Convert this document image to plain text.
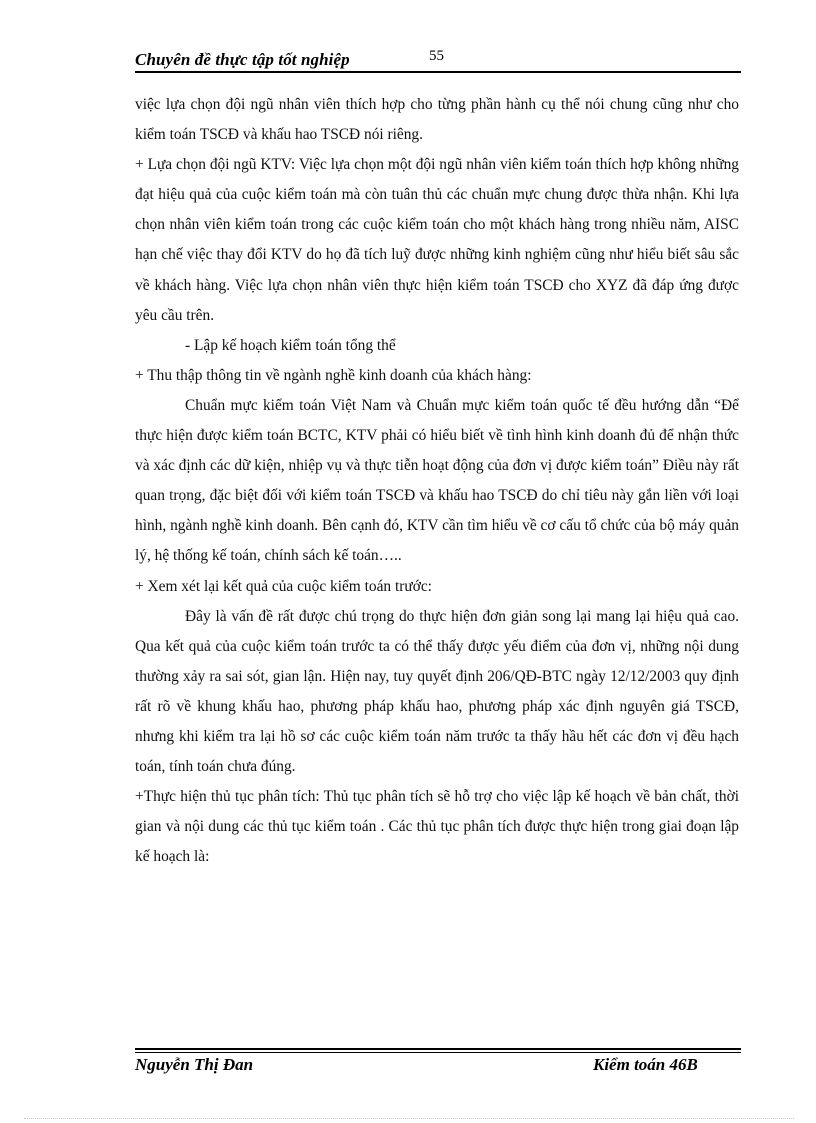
Chuyên đề thực tập tốt nghiệp	55

việc lựa chọn đội ngũ nhân viên thích hợp cho từng phần hành cụ thể nói chung cũng như cho kiểm toán TSCĐ và khấu hao TSCĐ nói riêng.

+ Lựa chọn đội ngũ KTV: Việc lựa chọn một đội ngũ nhân viên kiểm toán thích hợp không những đạt hiệu quả của cuộc kiểm toán mà còn tuân thủ các chuẩn mực chung được thừa nhận. Khi lựa chọn nhân viên kiểm toán trong các cuộc kiểm toán cho một khách hàng trong nhiều năm, AISC hạn chế việc thay đổi KTV do họ đã tích luỹ được những kinh nghiệm cũng như hiểu biết sâu sắc về khách hàng. Việc lựa chọn nhân viên thực hiện kiểm toán TSCĐ cho XYZ đã đáp ứng được yêu cầu trên.

- Lập kế hoạch kiểm toán tổng thể

+ Thu thập thông tin về ngành nghề kinh doanh của khách hàng:

Chuẩn mực kiểm toán Việt Nam và Chuẩn mực kiểm toán quốc tế đều hướng dẫn “Để thực hiện được kiểm toán BCTC, KTV phải có hiểu biết về tình hình kinh doanh đủ để nhận thức và xác định các dữ kiện, nhiệp vụ và thực tiễn hoạt động của đơn vị được kiểm toán” Điều này rất quan trọng, đặc biệt đối với kiểm toán TSCĐ và khấu hao TSCĐ do chỉ tiêu này gắn liền với loại hình, ngành nghề kinh doanh. Bên cạnh đó, KTV cần tìm hiểu về cơ cấu tổ chức của bộ máy quản lý, hệ thống kế toán, chính sách kế toán…..

+ Xem xét lại kết quả của cuộc kiểm toán trước:

Đây là vấn đề rất được chú trọng do thực hiện đơn giản song lại mang lại hiệu quả cao. Qua kết quả của cuộc kiểm toán trước ta có thể thấy được yếu điểm của đơn vị, những nội dung thường xảy ra sai sót, gian lận. Hiện nay, tuy quyết định 206/QĐ-BTC ngày 12/12/2003 quy định rất rõ về khung khấu hao, phương pháp khấu hao, phương pháp xác định nguyên giá TSCĐ, nhưng khi kiểm tra lại hồ sơ các cuộc kiểm toán năm trước ta thấy hầu hết các đơn vị đều hạch toán, tính toán chưa đúng.

+Thực hiện thủ tục phân tích: Thủ tục phân tích sẽ hỗ trợ cho việc lập kế hoạch về bản chất, thời gian và nội dung các thủ tục kiểm toán . Các thủ tục phân tích được thực hiện trong giai đoạn lập kế hoạch là:

Nguyễn Thị Đan	Kiểm toán 46B
